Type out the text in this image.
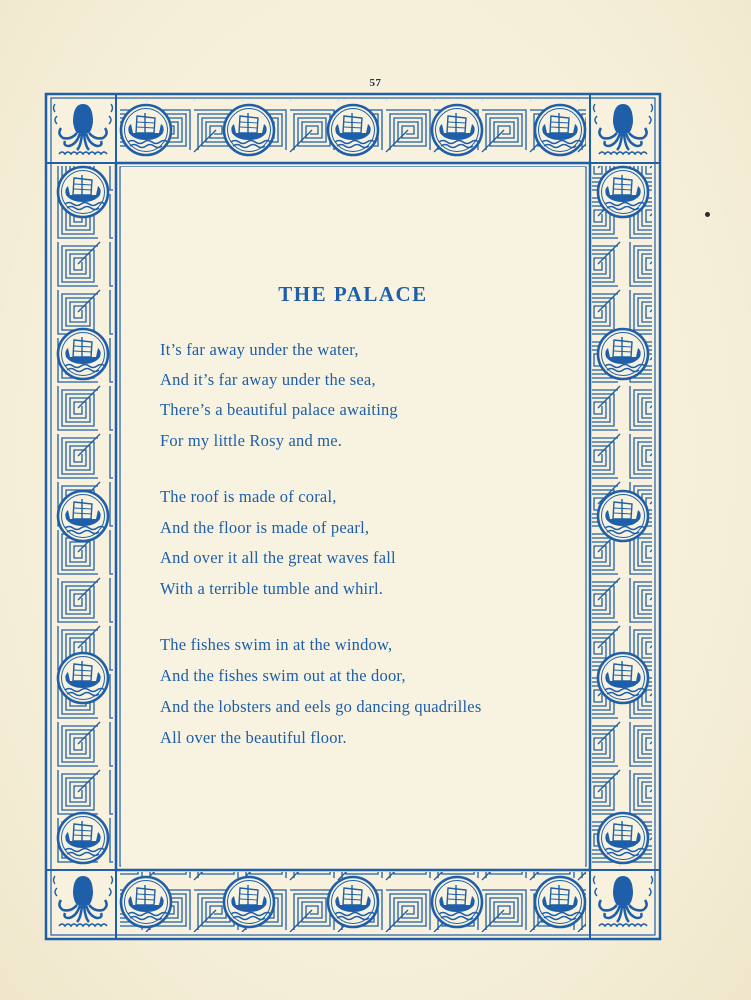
57
THE PALACE
It’s far away under the water,
And it’s far away under the sea,
There’s a beautiful palace awaiting
For my little Rosy and me.
The roof is made of coral,
And the floor is made of pearl,
And over it all the great waves fall
With a terrible tumble and whirl.
The fishes swim in at the window,
And the fishes swim out at the door,
And the lobsters and eels go dancing quadrilles
All over the beautiful floor.
